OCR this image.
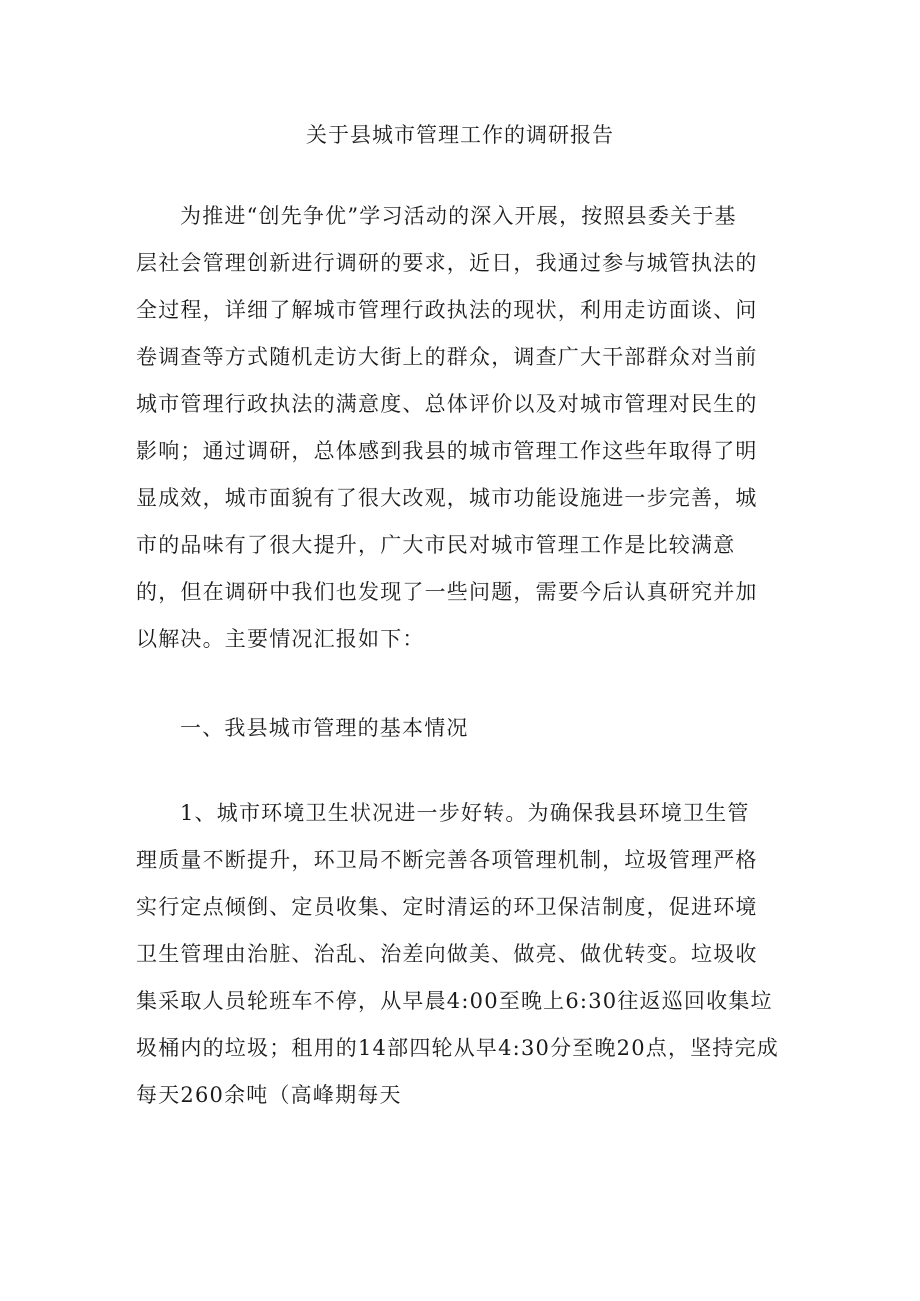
关于县城市管理工作的调研报告
为推进“创先争优”学习活动的深入开展，按照县委关于基
层社会管理创新进行调研的要求，近日，我通过参与城管执法的
全过程，详细了解城市管理行政执法的现状，利用走访面谈、问
卷调查等方式随机走访大街上的群众，调查广大干部群众对当前
城市管理行政执法的满意度、总体评价以及对城市管理对民生的
影响；通过调研，总体感到我县的城市管理工作这些年取得了明
显成效，城市面貌有了很大改观，城市功能设施进一步完善，城
市的品味有了很大提升，广大市民对城市管理工作是比较满意
的，但在调研中我们也发现了一些问题，需要今后认真研究并加
以解决。主要情况汇报如下：
一、我县城市管理的基本情况
1、城市环境卫生状况进一步好转。为确保我县环境卫生管
理质量不断提升，环卫局不断完善各项管理机制，垃圾管理严格
实行定点倾倒、定员收集、定时清运的环卫保洁制度，促进环境
卫生管理由治脏、治乱、治差向做美、做亮、做优转变。垃圾收
集采取人员轮班车不停，从早晨4:00至晚上6:30往返巡回收集垃
圾桶内的垃圾；租用的14部四轮从早4:30分至晚20点，坚持完成
每天260余吨（高峰期每天
